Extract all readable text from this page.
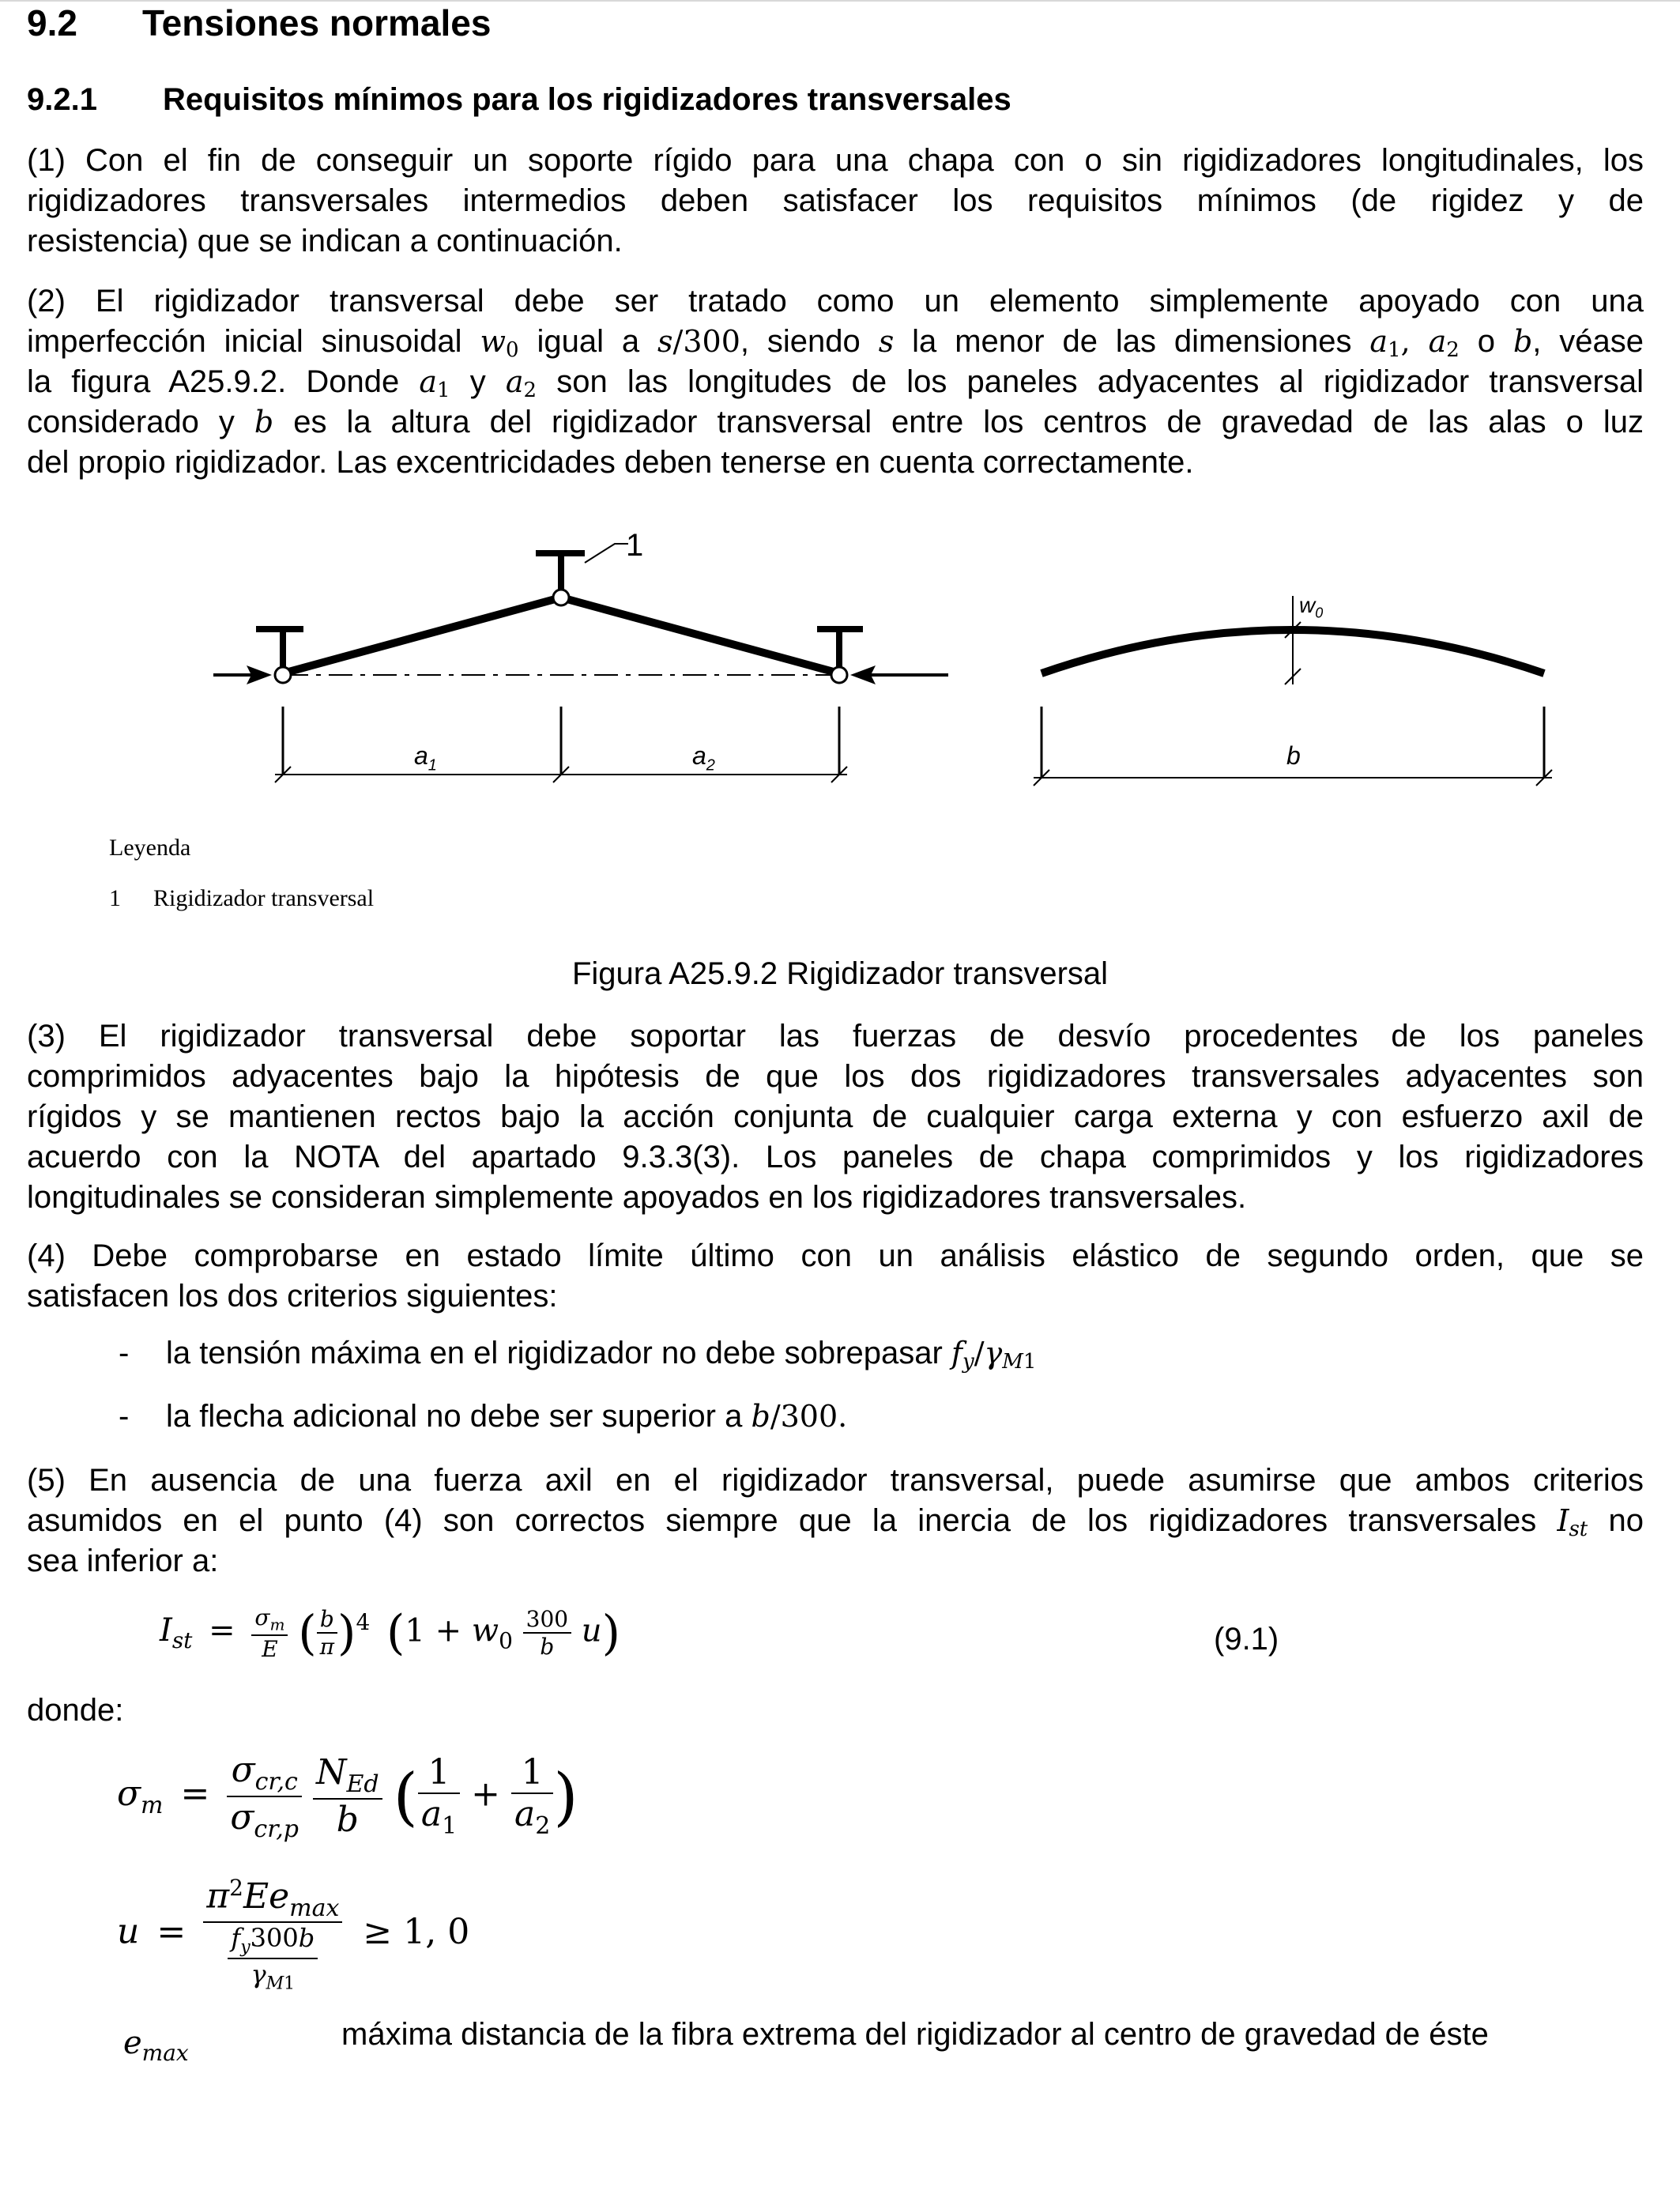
9.2 Tensiones normales
9.2.1 Requisitos mínimos para los rigidizadores transversales
(1) Con el fin de conseguir un soporte rígido para una chapa con o sin rigidizadores longitudinales, los
rigidizadores transversales intermedios deben satisfacer los requisitos mínimos (de rigidez y de
resistencia) que se indican a continuación.
(2) El rigidizador transversal debe ser tratado como un elemento simplemente apoyado con una
imperfección inicial sinusoidal $w_0$ igual a s/300, siendo s la menor de las dimensiones $a_1$, $a_2$ o b, véase
la figura A25.9.2. Donde $a_1$ y $a_2$ son las longitudes de los paneles adyacentes al rigidizador transversal
considerado y b es la altura del rigidizador transversal entre los centros de gravedad de las alas o luz
del propio rigidizador. Las excentricidades deben tenerse en cuenta correctamente.
1
$a_1$	$a_2$
$w_0$
b
Leyenda
1 Rigidizador transversal
Figura A25.9.2 Rigidizador transversal
(3) El rigidizador transversal debe soportar las fuerzas de desvío procedentes de los paneles
comprimidos adyacentes bajo la hipótesis de que los dos rigidizadores transversales adyacentes son
rígidos y se mantienen rectos bajo la acción conjunta de cualquier carga externa y con esfuerzo axil de
acuerdo con la NOTA del apartado 9.3.3(3). Los paneles de chapa comprimidos y los rigidizadores
longitudinales se consideran simplemente apoyados en los rigidizadores transversales.
(4) Debe comprobarse en estado límite último con un análisis elástico de segundo orden, que se
satisfacen los dos criterios siguientes:
- la tensión máxima en el rigidizador no debe sobrepasar $f_y/\gamma_{M1}$
- la flecha adicional no debe ser superior a b/300.
(5) En ausencia de una fuerza axil en el rigidizador transversal, puede asumirse que ambos criterios
asumidos en el punto (4) son correctos siempre que la inercia de los rigidizadores transversales $I_{st}$ no
sea inferior a:
$I_{st} = \frac{\sigma_m}{E}$ ( $\frac{b}{\pi} )^4$ $(1 + w_0 \frac{300}{b} u)$	(9.1)
donde:
$\sigma_m$ =
$\sigma_{cr,c}$
$\sigma_{cr,p}$

$N_{Ed}$
b ( $\frac{1}{a_1} + \frac{1}{a_2}$ )
u =
$\pi^2Ee_{max}$
$\frac{f_y300b}{\gamma_{M1}} \ge 1$, 0
$e_{max}$
máxima distancia de la fibra extrema del rigidizador al centro de gravedad de éste
